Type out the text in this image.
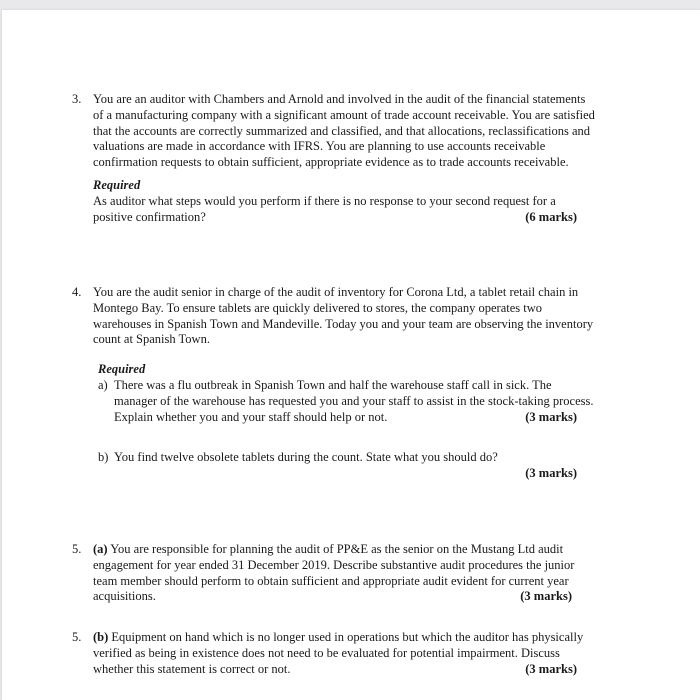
3. You are an auditor with Chambers and Arnold and involved in the audit of the financial statements of a manufacturing company with a significant amount of trade account receivable. You are satisfied that the accounts are correctly summarized and classified, and that allocations, reclassifications and valuations are made in accordance with IFRS. You are planning to use accounts receivable confirmation requests to obtain sufficient, appropriate evidence as to trade accounts receivable.

Required

As auditor what steps would you perform if there is no response to your second request for a positive confirmation?	(6 marks)

4. You are the audit senior in charge of the audit of inventory for Corona Ltd, a tablet retail chain in Montego Bay. To ensure tablets are quickly delivered to stores, the company operates two warehouses in Spanish Town and Mandeville. Today you and your team are observing the inventory count at Spanish Town.

Required

a) There was a flu outbreak in Spanish Town and half the warehouse staff call in sick. The manager of the warehouse has requested you and your staff to assist in the stock-taking process. Explain whether you and your staff should help or not.	(3 marks)

b) You find twelve obsolete tablets during the count. State what you should do?

(3 marks)

5. (a) You are responsible for planning the audit of PP&E as the senior on the Mustang Ltd audit engagement for year ended 31 December 2019. Describe substantive audit procedures the junior team member should perform to obtain sufficient and appropriate audit evident for current year acquisitions.	(3 marks)

5. (b) Equipment on hand which is no longer used in operations but which the auditor has physically verified as being in existence does not need to be evaluated for potential impairment. Discuss whether this statement is correct or not.	(3 marks)
